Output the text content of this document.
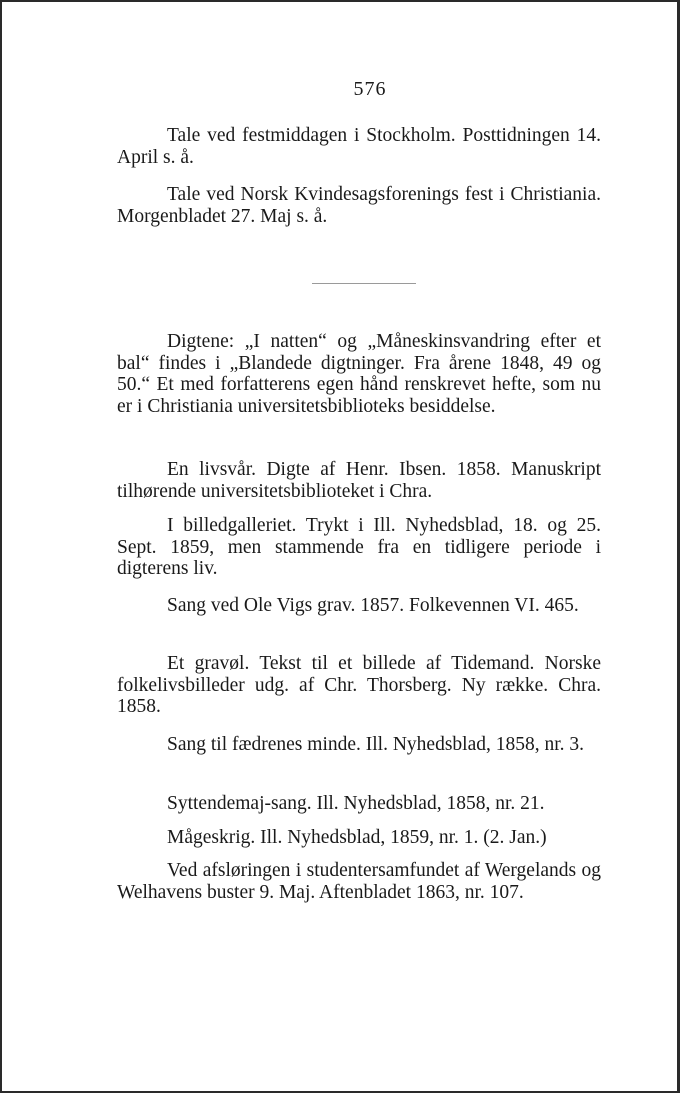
576

Tale ved festmiddagen i Stockholm. Posttidningen 14. April s. å.

Tale ved Norsk Kvindesagsforenings fest i Christiania. Morgenbladet 27. Maj s. å.

Digtene: „I natten“ og „Måneskinsvandring efter et bal“ findes i „Blandede digtninger. Fra årene 1848, 49 og 50.“ Et med forfatterens egen hånd renskrevet hefte, som nu er i Christiania universitetsbiblioteks besiddelse.

En livsvår. Digte af Henr. Ibsen. 1858. Manuskript tilhørende universitetsbiblioteket i Chra.

I billedgalleriet. Trykt i Ill. Nyhedsblad, 18. og 25. Sept. 1859, men stammende fra en tidligere periode i digterens liv.

Sang ved Ole Vigs grav. 1857. Folkevennen VI. 465.

Et gravøl. Tekst til et billede af Tidemand. Norske folkelivsbilleder udg. af Chr. Thorsberg. Ny række. Chra. 1858.

Sang til fædrenes minde. Ill. Nyhedsblad, 1858, nr. 3.

Syttendemaj-sang. Ill. Nyhedsblad, 1858, nr. 21.

Mågeskrig. Ill. Nyhedsblad, 1859, nr. 1. (2. Jan.)

Ved afsløringen i studentersamfundet af Wergelands og Welhavens buster 9. Maj. Aftenbladet 1863, nr. 107.
